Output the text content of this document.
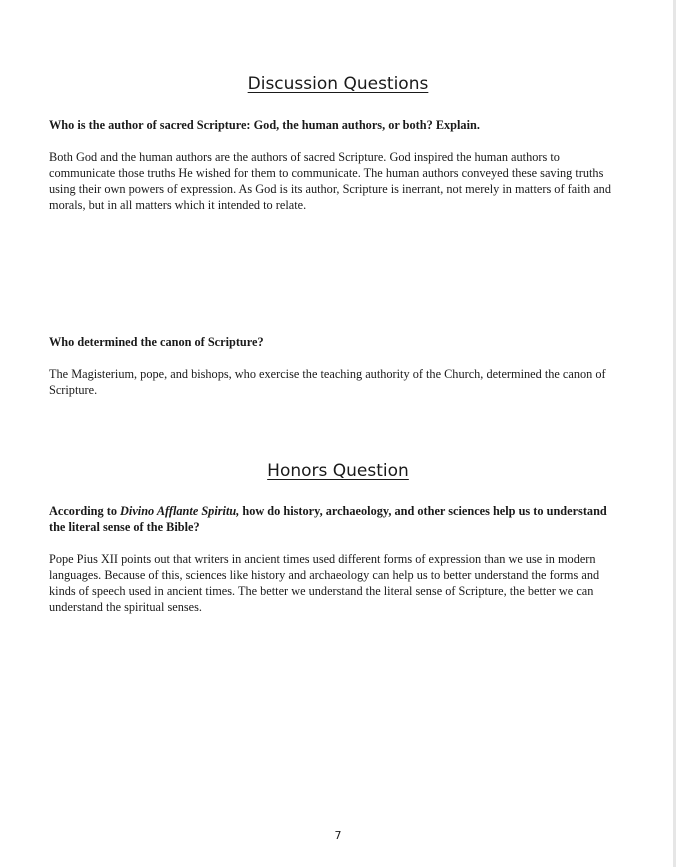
Discussion Questions

Who is the author of sacred Scripture: God, the human authors, or both? Explain.

Both God and the human authors are the authors of sacred Scripture. God inspired the human authors to communicate those truths He wished for them to communicate. The human authors conveyed these saving truths using their own powers of expression. As God is its author, Scripture is inerrant, not merely in matters of faith and morals, but in all matters which it intended to relate.

Who determined the canon of Scripture?

The Magisterium, pope, and bishops, who exercise the teaching authority of the Church, determined the canon of Scripture.

Honors Question

According to Divino Afflante Spiritu, how do history, archaeology, and other sciences help us to understand the literal sense of the Bible?

Pope Pius XII points out that writers in ancient times used different forms of expression than we use in modern languages. Because of this, sciences like history and archaeology can help us to better understand the forms and kinds of speech used in ancient times. The better we understand the literal sense of Scripture, the better we can understand the spiritual senses.

7
